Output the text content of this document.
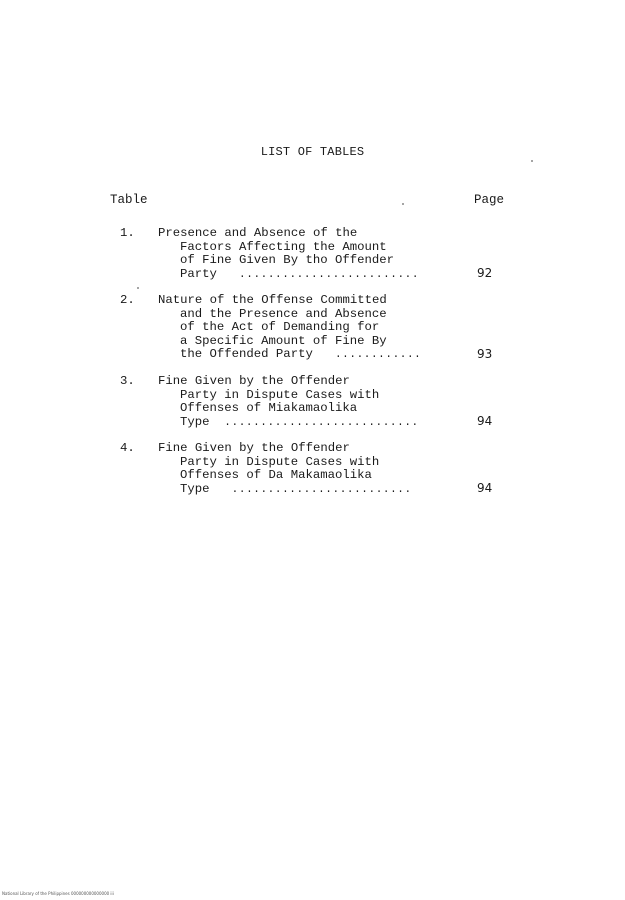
LIST OF TABLES
Table	Page
1.	Presence and Absence of the
Factors Affecting the Amount
of Fine Given By tho Offender
Party .........................	92
2.	Nature of the Offense Committed
and the Presence and Absence
of the Act of Demanding for
a Specific Amount of Fine By
the Offended Party ............	93
3.	Fine Given by the Offender
Party in Dispute Cases with
Offenses of Miakamaolika
Type ...........................	94
4.	Fine Given by the Offender
Party in Dispute Cases with
Offenses of Da Makamaolika
Type .........................	94
National Library of the Philippines 000000000000000 iii
